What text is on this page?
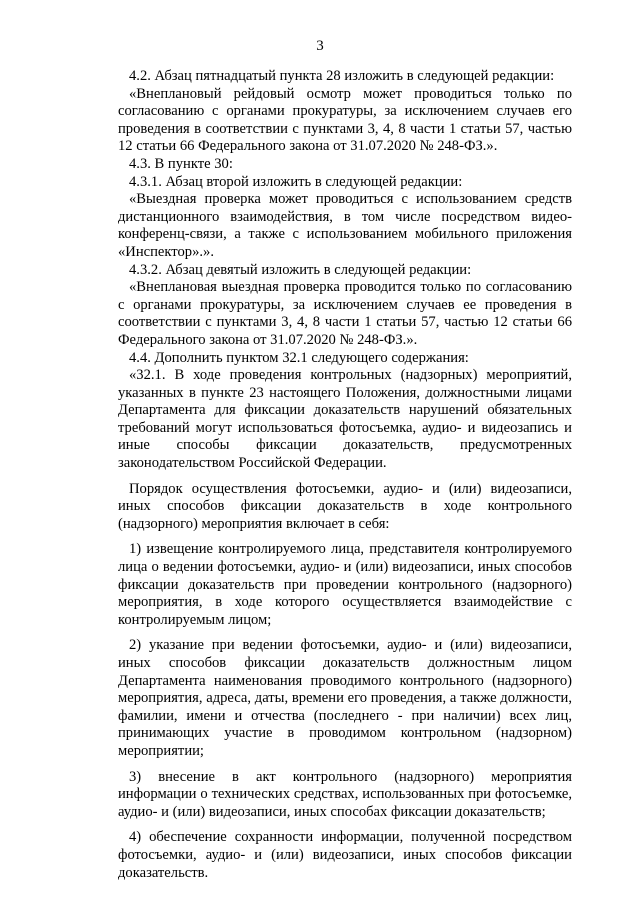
3

4.2. Абзац пятнадцатый пункта 28 изложить в следующей редакции:

«Внеплановый рейдовый осмотр может проводиться только по согласованию с органами прокуратуры, за исключением случаев его проведения в соответствии с пунктами 3, 4, 8 части 1 статьи 57, частью 12 статьи 66 Федерального закона от 31.07.2020 № 248-ФЗ.».

4.3. В пункте 30:

4.3.1. Абзац второй изложить в следующей редакции:

«Выездная проверка может проводиться с использованием средств дистанционного взаимодействия, в том числе посредством видео-конференц-связи, а также с использованием мобильного приложения «Инспектор».».

4.3.2. Абзац девятый изложить в следующей редакции:

«Внеплановая выездная проверка проводится только по согласованию с органами прокуратуры, за исключением случаев ее проведения в соответствии с пунктами 3, 4, 8 части 1 статьи 57, частью 12 статьи 66 Федерального закона от 31.07.2020 № 248-ФЗ.».

4.4. Дополнить пунктом 32.1 следующего содержания:

«32.1. В ходе проведения контрольных (надзорных) мероприятий, указанных в пункте 23 настоящего Положения, должностными лицами Департамента для фиксации доказательств нарушений обязательных требований могут использоваться фотосъемка, аудио- и видеозапись и иные способы фиксации доказательств, предусмотренных законодательством Российской Федерации.

Порядок осуществления фотосъемки, аудио- и (или) видеозаписи, иных способов фиксации доказательств в ходе контрольного (надзорного) мероприятия включает в себя:

1) извещение контролируемого лица, представителя контролируемого лица о ведении фотосъемки, аудио- и (или) видеозаписи, иных способов фиксации доказательств при проведении контрольного (надзорного) мероприятия, в ходе которого осуществляется взаимодействие с контролируемым лицом;

2) указание при ведении фотосъемки, аудио- и (или) видеозаписи, иных способов фиксации доказательств должностным лицом Департамента наименования проводимого контрольного (надзорного) мероприятия, адреса, даты, времени его проведения, а также должности, фамилии, имени и отчества (последнего - при наличии) всех лиц, принимающих участие в проводимом контрольном (надзорном) мероприятии;

3) внесение в акт контрольного (надзорного) мероприятия информации о технических средствах, использованных при фотосъемке, аудио- и (или) видеозаписи, иных способах фиксации доказательств;

4) обеспечение сохранности информации, полученной посредством фотосъемки, аудио- и (или) видеозаписи, иных способов фиксации доказательств.
